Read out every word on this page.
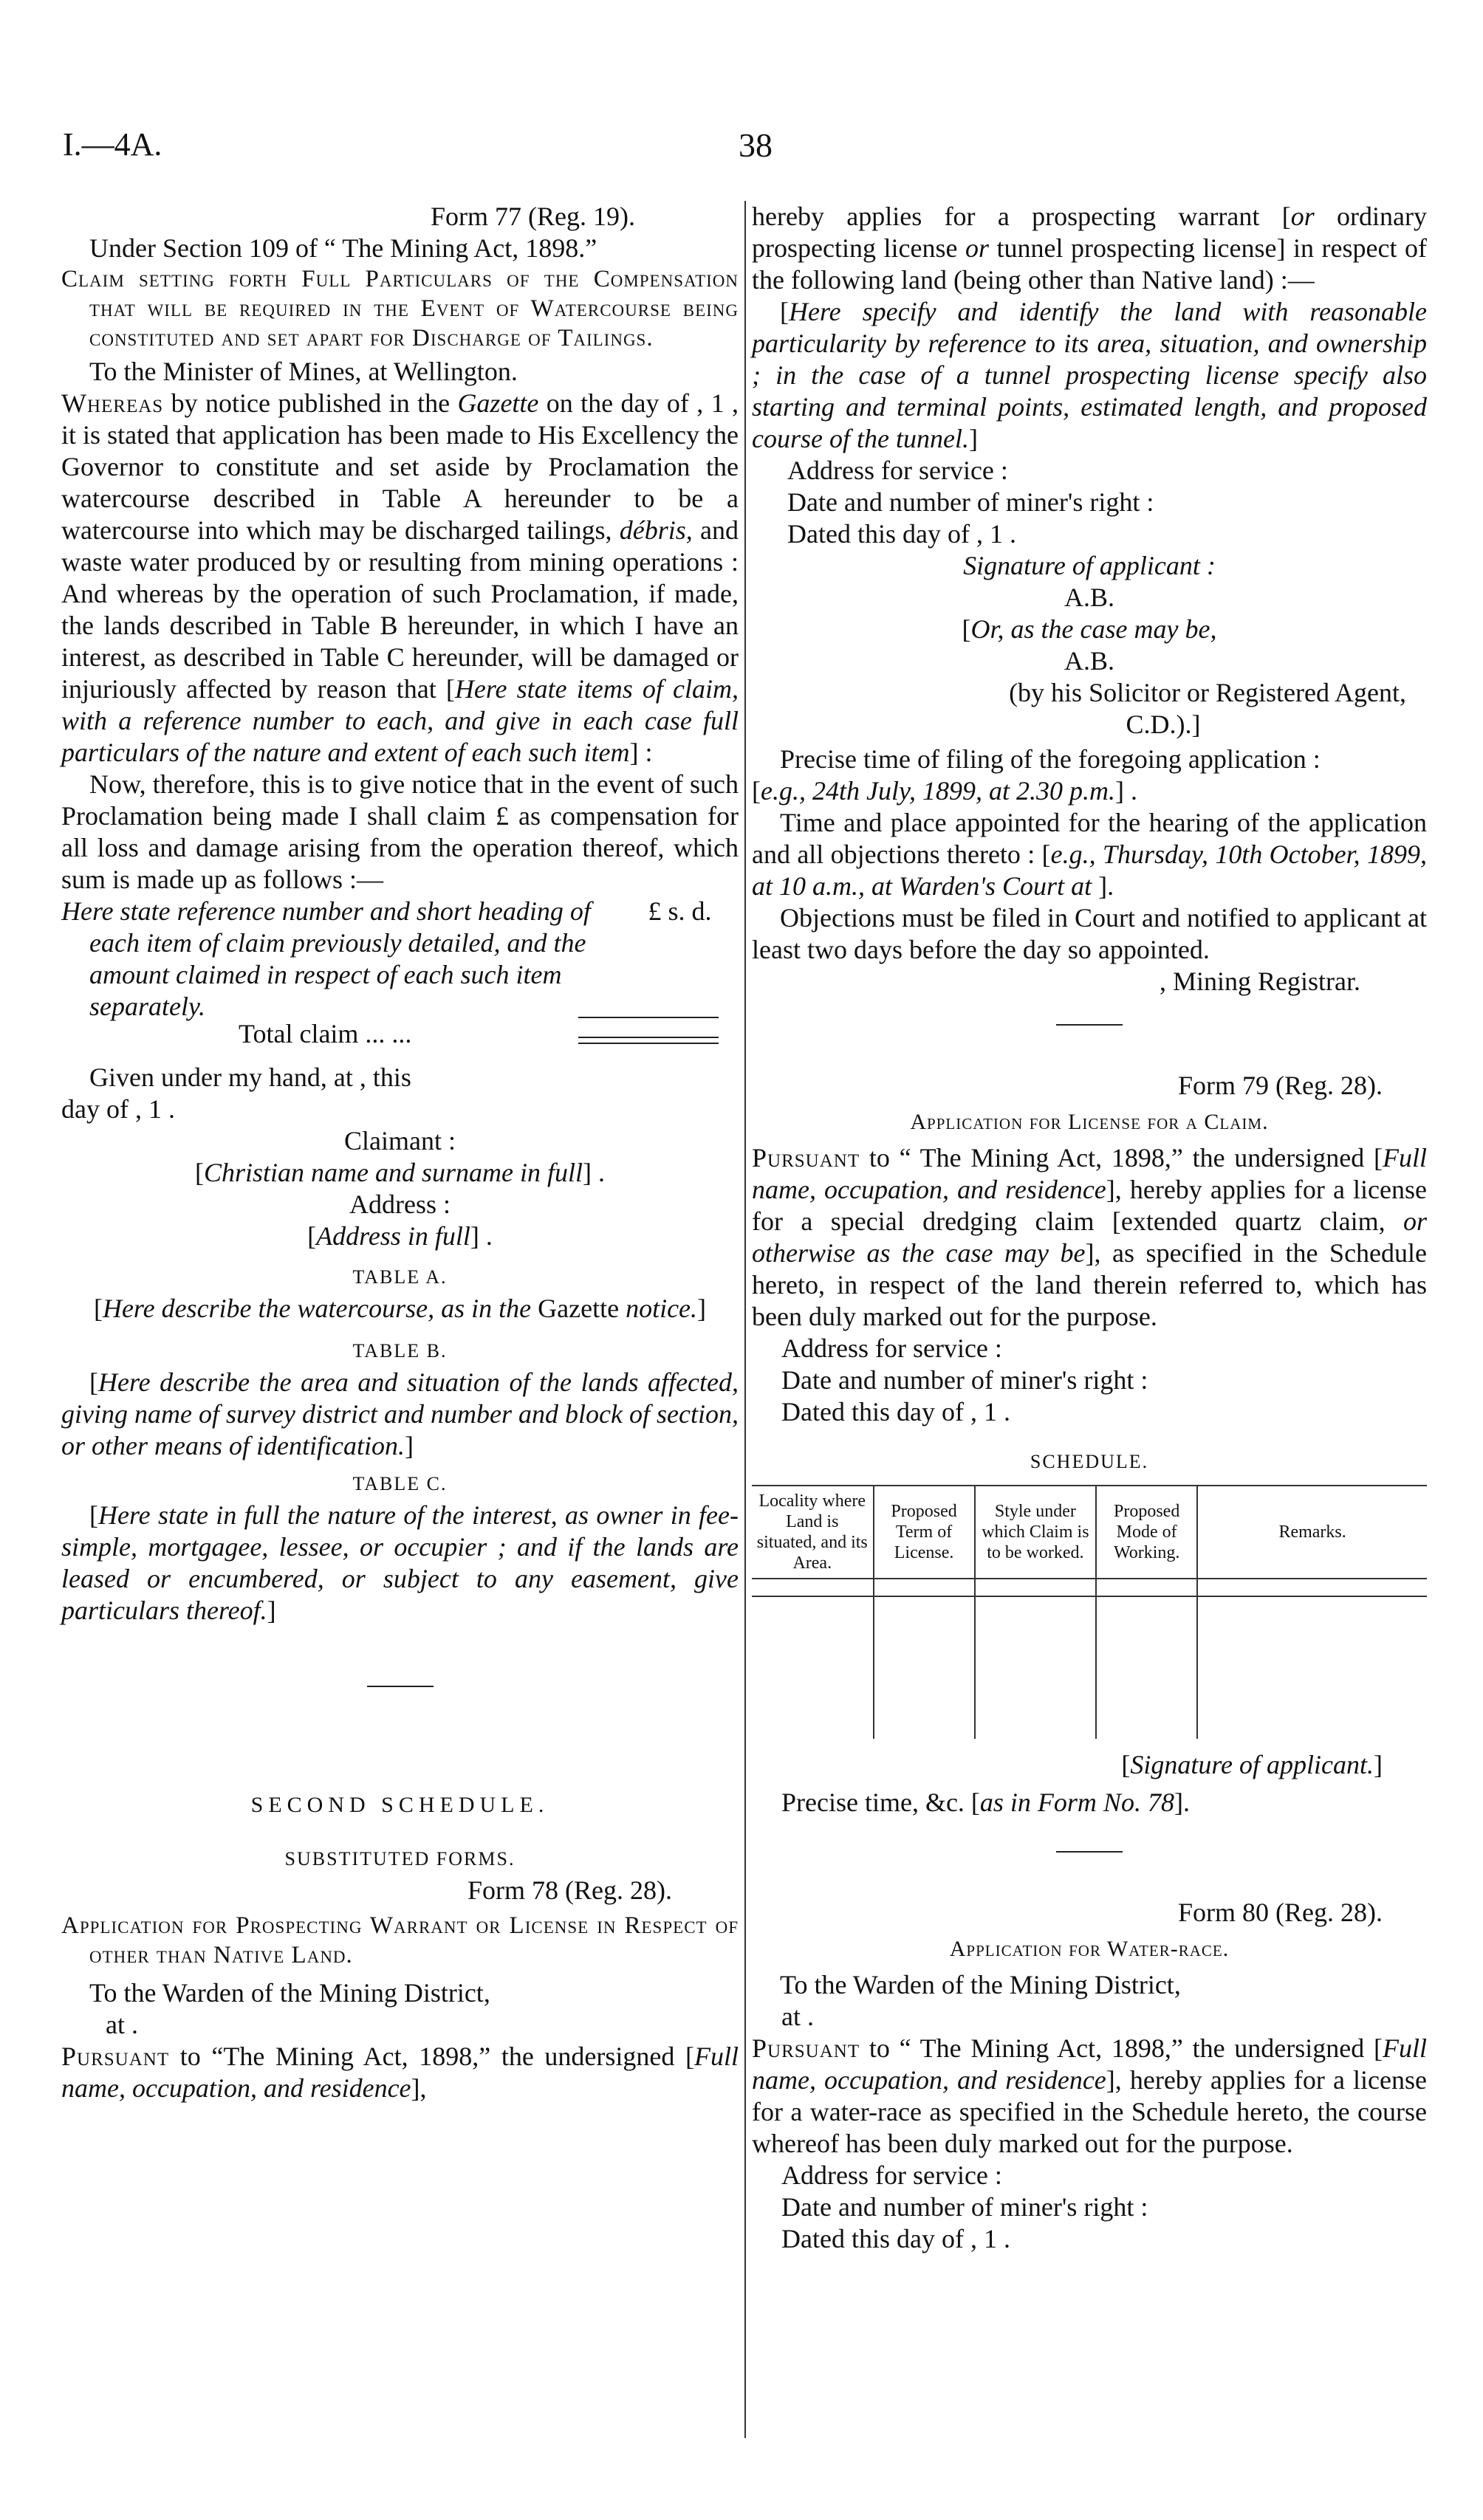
I.—4A.	38

Form 77 (Reg. 19).

Under Section 109 of “ The Mining Act, 1898.”

Claim setting forth Full Particulars of the Compensation that will be required in the Event of Watercourse being constituted and set apart for Discharge of Tailings.

To the Minister of Mines, at Wellington.

Whereas by notice published in the Gazette on the day of , 1 , it is stated that application has been made to His Excellency the Governor to constitute and set aside by Proclamation the watercourse described in Table A hereunder to be a watercourse into which may be discharged tailings, débris, and waste water produced by or resulting from mining operations : And whereas by the operation of such Proclamation, if made, the lands described in Table B hereunder, in which I have an interest, as described in Table C hereunder, will be damaged or injuriously affected by reason that [Here state items of claim, with a reference number to each, and give in each case full particulars of the nature and extent of each such item] :

Now, therefore, this is to give notice that in the event of such Proclamation being made I shall claim £ as compensation for all loss and damage arising from the operation thereof, which sum is made up as follows :—

Here state reference number and short heading of each item of claim previously detailed, and the amount claimed in respect of each such item separately.

£ s. d.

Total claim ... ...

Given under my hand, at , this

day of , 1 .

Claimant :

[Christian name and surname in full] .

Address :

[Address in full] .

TABLE A.

[Here describe the watercourse, as in the Gazette notice.]

TABLE B.

[Here describe the area and situation of the lands affected, giving name of survey district and number and block of section, or other means of identification.]

TABLE C.

[Here state in full the nature of the interest, as owner in fee-simple, mortgagee, lessee, or occupier ; and if the lands are leased or encumbered, or subject to any easement, give particulars thereof.]

SECOND SCHEDULE.

SUBSTITUTED FORMS.

Form 78 (Reg. 28).

Application for Prospecting Warrant or License in Respect of other than Native Land.

To the Warden of the Mining District,

at .

Pursuant to “The Mining Act, 1898,” the undersigned [Full name, occupation, and residence],

hereby applies for a prospecting warrant [or ordinary prospecting license or tunnel prospecting license] in respect of the following land (being other than Native land) :—

[Here specify and identify the land with reasonable particularity by reference to its area, situation, and ownership ; in the case of a tunnel prospecting license specify also starting and terminal points, estimated length, and proposed course of the tunnel.]

Address for service :

Date and number of miner's right :

Dated this day of , 1 .

Signature of applicant :

A.B.

[Or, as the case may be,

A.B.

(by his Solicitor or Registered Agent,

C.D.).]

Precise time of filing of the foregoing application :

[e.g., 24th July, 1899, at 2.30 p.m.] .

Time and place appointed for the hearing of the application and all objections thereto : [e.g., Thursday, 10th October, 1899, at 10 a.m., at Warden's Court at ].

Objections must be filed in Court and notified to applicant at least two days before the day so appointed.

, Mining Registrar.

Form 79 (Reg. 28).

Application for License for a Claim.

Pursuant to “ The Mining Act, 1898,” the undersigned [Full name, occupation, and residence], hereby applies for a license for a special dredging claim [extended quartz claim, or otherwise as the case may be], as specified in the Schedule hereto, in respect of the land therein referred to, which has been duly marked out for the purpose.

Address for service :

Date and number of miner's right :

Dated this day of , 1 .

SCHEDULE.

Locality where Land is situated, and its Area.	Proposed Term of License.	Style under which Claim is to be worked.	Proposed Mode of Working.	Remarks.

[Signature of applicant.]

Precise time, &c. [as in Form No. 78].

Form 80 (Reg. 28).

Application for Water-race.

To the Warden of the Mining District,

at .

Pursuant to “ The Mining Act, 1898,” the undersigned [Full name, occupation, and residence], hereby applies for a license for a water-race as specified in the Schedule hereto, the course whereof has been duly marked out for the purpose.

Address for service :

Date and number of miner's right :

Dated this day of , 1 .
